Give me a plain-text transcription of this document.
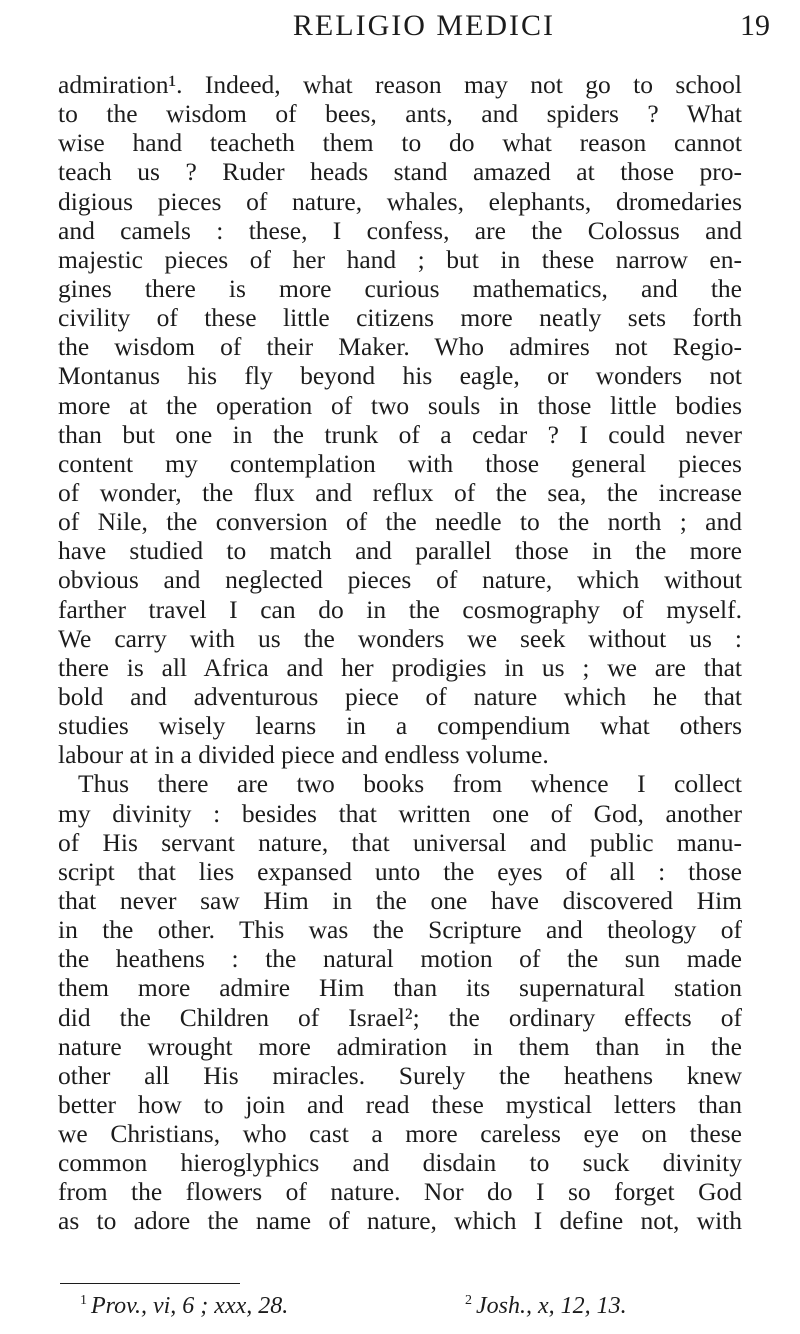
RELIGIO MEDICI	19
admiration¹. Indeed, what reason may not go to school
to the wisdom of bees, ants, and spiders ? What
wise hand teacheth them to do what reason cannot
teach us ? Ruder heads stand amazed at those pro-
digious pieces of nature, whales, elephants, dromedaries
and camels : these, I confess, are the Colossus and
majestic pieces of her hand ; but in these narrow en-
gines there is more curious mathematics, and the
civility of these little citizens more neatly sets forth
the wisdom of their Maker. Who admires not Regio-
Montanus his fly beyond his eagle, or wonders not
more at the operation of two souls in those little bodies
than but one in the trunk of a cedar ? I could never
content my contemplation with those general pieces
of wonder, the flux and reflux of the sea, the increase
of Nile, the conversion of the needle to the north ; and
have studied to match and parallel those in the more
obvious and neglected pieces of nature, which without
farther travel I can do in the cosmography of myself.
We carry with us the wonders we seek without us :
there is all Africa and her prodigies in us ; we are that
bold and adventurous piece of nature which he that
studies wisely learns in a compendium what others
labour at in a divided piece and endless volume.
Thus there are two books from whence I collect
my divinity : besides that written one of God, another
of His servant nature, that universal and public manu-
script that lies expansed unto the eyes of all : those
that never saw Him in the one have discovered Him
in the other. This was the Scripture and theology of
the heathens : the natural motion of the sun made
them more admire Him than its supernatural station
did the Children of Israel²; the ordinary effects of
nature wrought more admiration in them than in the
other all His miracles. Surely the heathens knew
better how to join and read these mystical letters than
we Christians, who cast a more careless eye on these
common hieroglyphics and disdain to suck divinity
from the flowers of nature. Nor do I so forget God
as to adore the name of nature, which I define not, with
$^1$ Prov., vi, 6 ; xxx, 28.	$^2$ Josh., x, 12, 13.
